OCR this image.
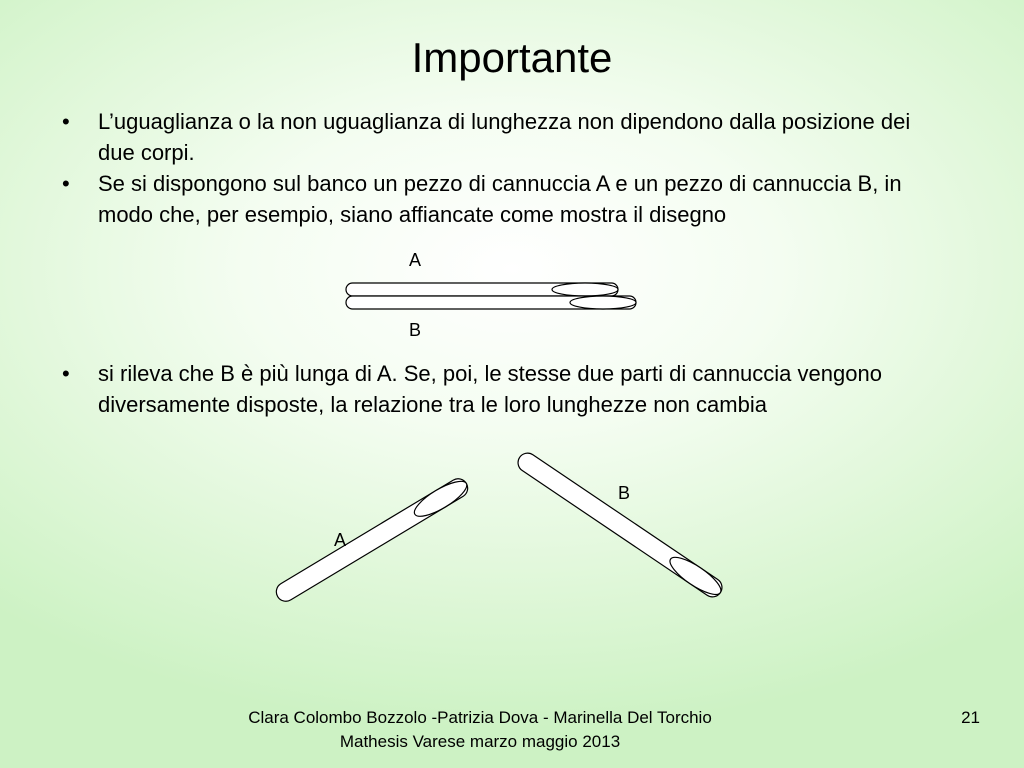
Importante
• L’uguaglianza o la non uguaglianza di lunghezza non dipendono dalla posizione dei due corpi.
• Se si dispongono sul banco un pezzo di cannuccia A e un pezzo di cannuccia B, in modo che, per esempio, siano affiancate come mostra il disegno
• si rileva che B è più lunga di A. Se, poi, le stesse due parti di cannuccia vengono diversamente disposte, la relazione tra le loro lunghezze non cambia
A
B
A
B
Clara Colombo Bozzolo -Patrizia Dova - Marinella Del Torchio
Mathesis Varese marzo maggio 2013
21
